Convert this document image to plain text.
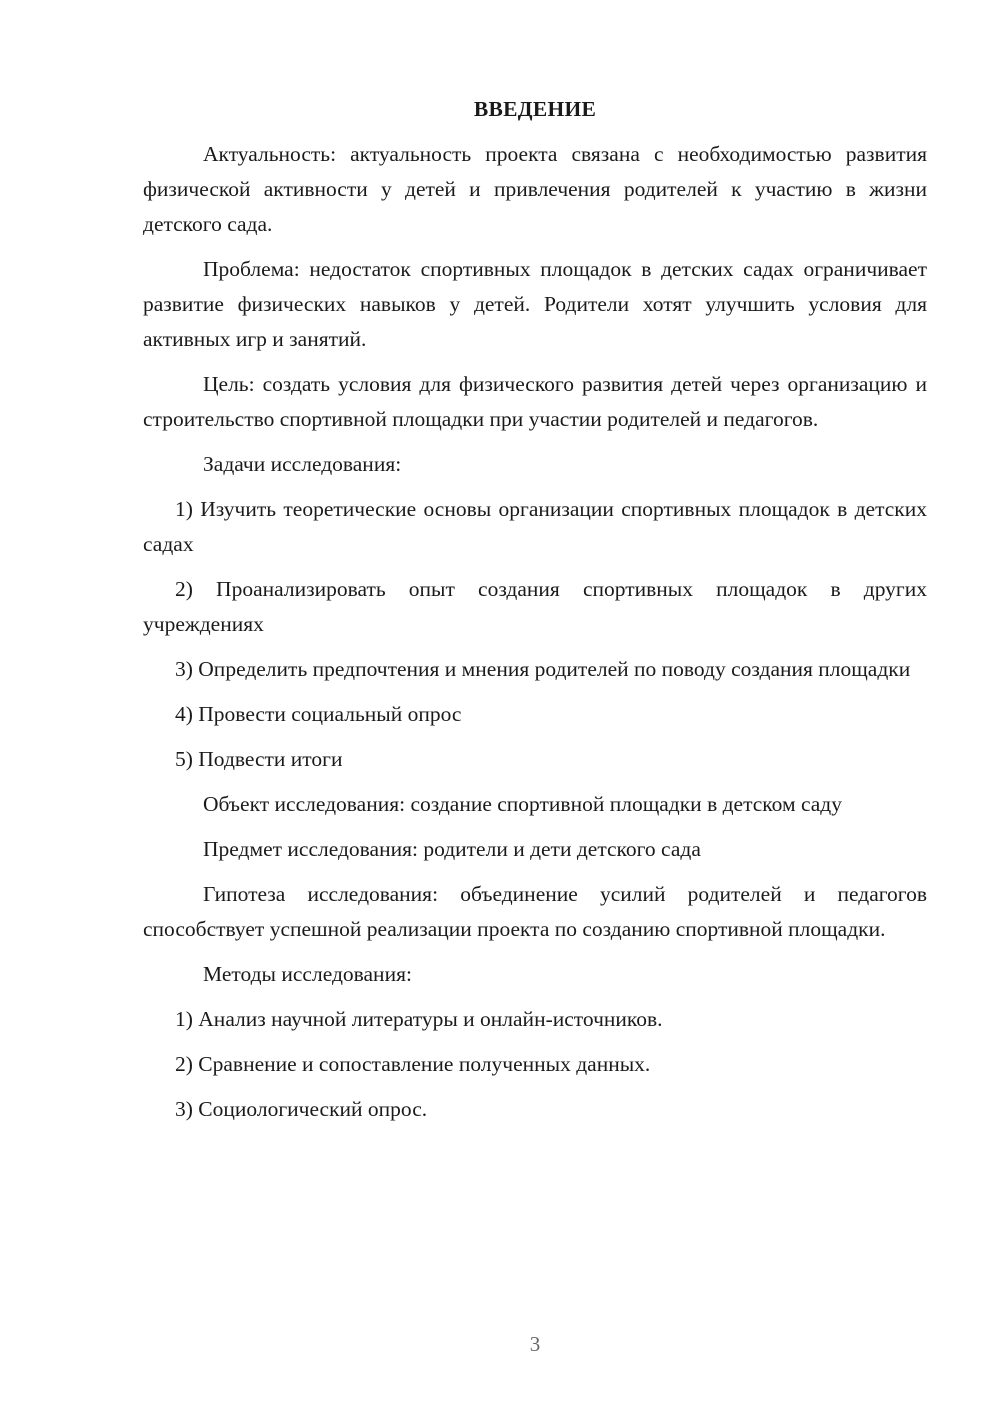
ВВЕДЕНИЕ
Актуальность: актуальность проекта связана с необходимостью развития физической активности у детей и привлечения родителей к участию в жизни детского сада.
Проблема: недостаток спортивных площадок в детских садах ограничивает развитие физических навыков у детей. Родители хотят улучшить условия для активных игр и занятий.
Цель: создать условия для физического развития детей через организацию и строительство спортивной площадки при участии родителей и педагогов.
Задачи исследования:
1) Изучить теоретические основы организации спортивных площадок в детских садах
2) Проанализировать опыт создания спортивных площадок в других учреждениях
3) Определить предпочтения и мнения родителей по поводу создания площадки
4) Провести социальный опрос
5) Подвести итоги
Объект исследования: создание спортивной площадки в детском саду
Предмет исследования: родители и дети детского сада
Гипотеза исследования: объединение усилий родителей и педагогов способствует успешной реализации проекта по созданию спортивной площадки.
Методы исследования:
1) Анализ научной литературы и онлайн-источников.
2) Сравнение и сопоставление полученных данных.
3) Социологический опрос.
3
